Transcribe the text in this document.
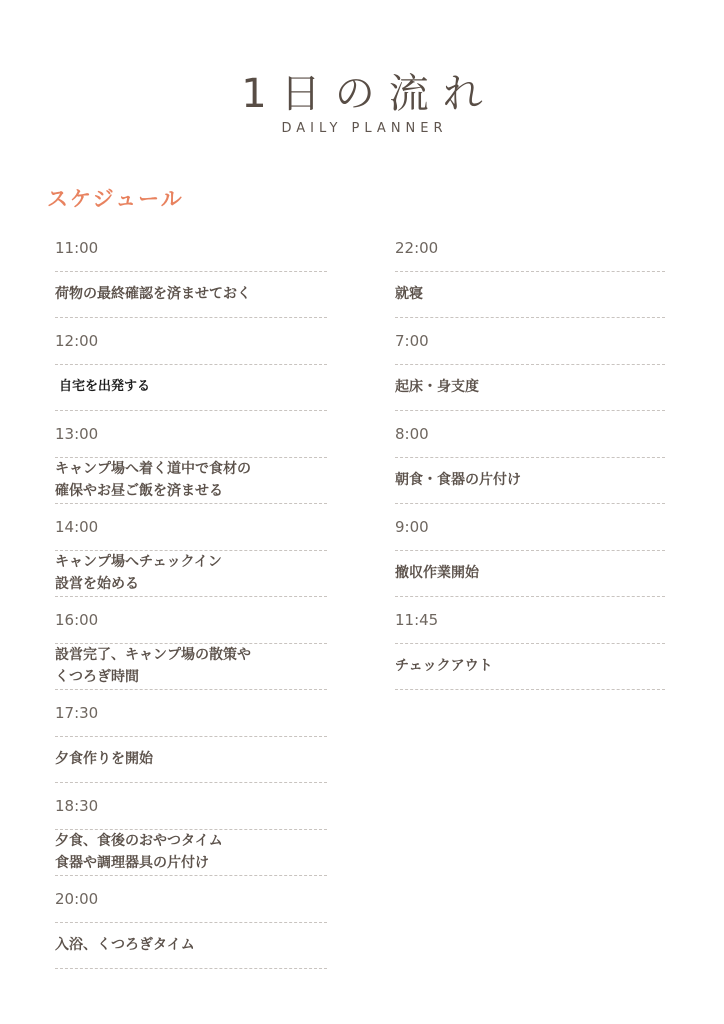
1日の流れ
DAILY PLANNER
スケジュール
11:00
荷物の最終確認を済ませておく
12:00
自宅を出発する
13:00
キャンプ場へ着く道中で食材の
確保やお昼ご飯を済ませる
14:00
キャンプ場へチェックイン
設営を始める
16:00
設営完了、キャンプ場の散策や
くつろぎ時間
17:30
夕食作りを開始
18:30
夕食、食後のおやつタイム
食器や調理器具の片付け
20:00
入浴、くつろぎタイム
22:00
就寝
7:00
起床・身支度
8:00
朝食・食器の片付け
9:00
撤収作業開始
11:45
チェックアウト
